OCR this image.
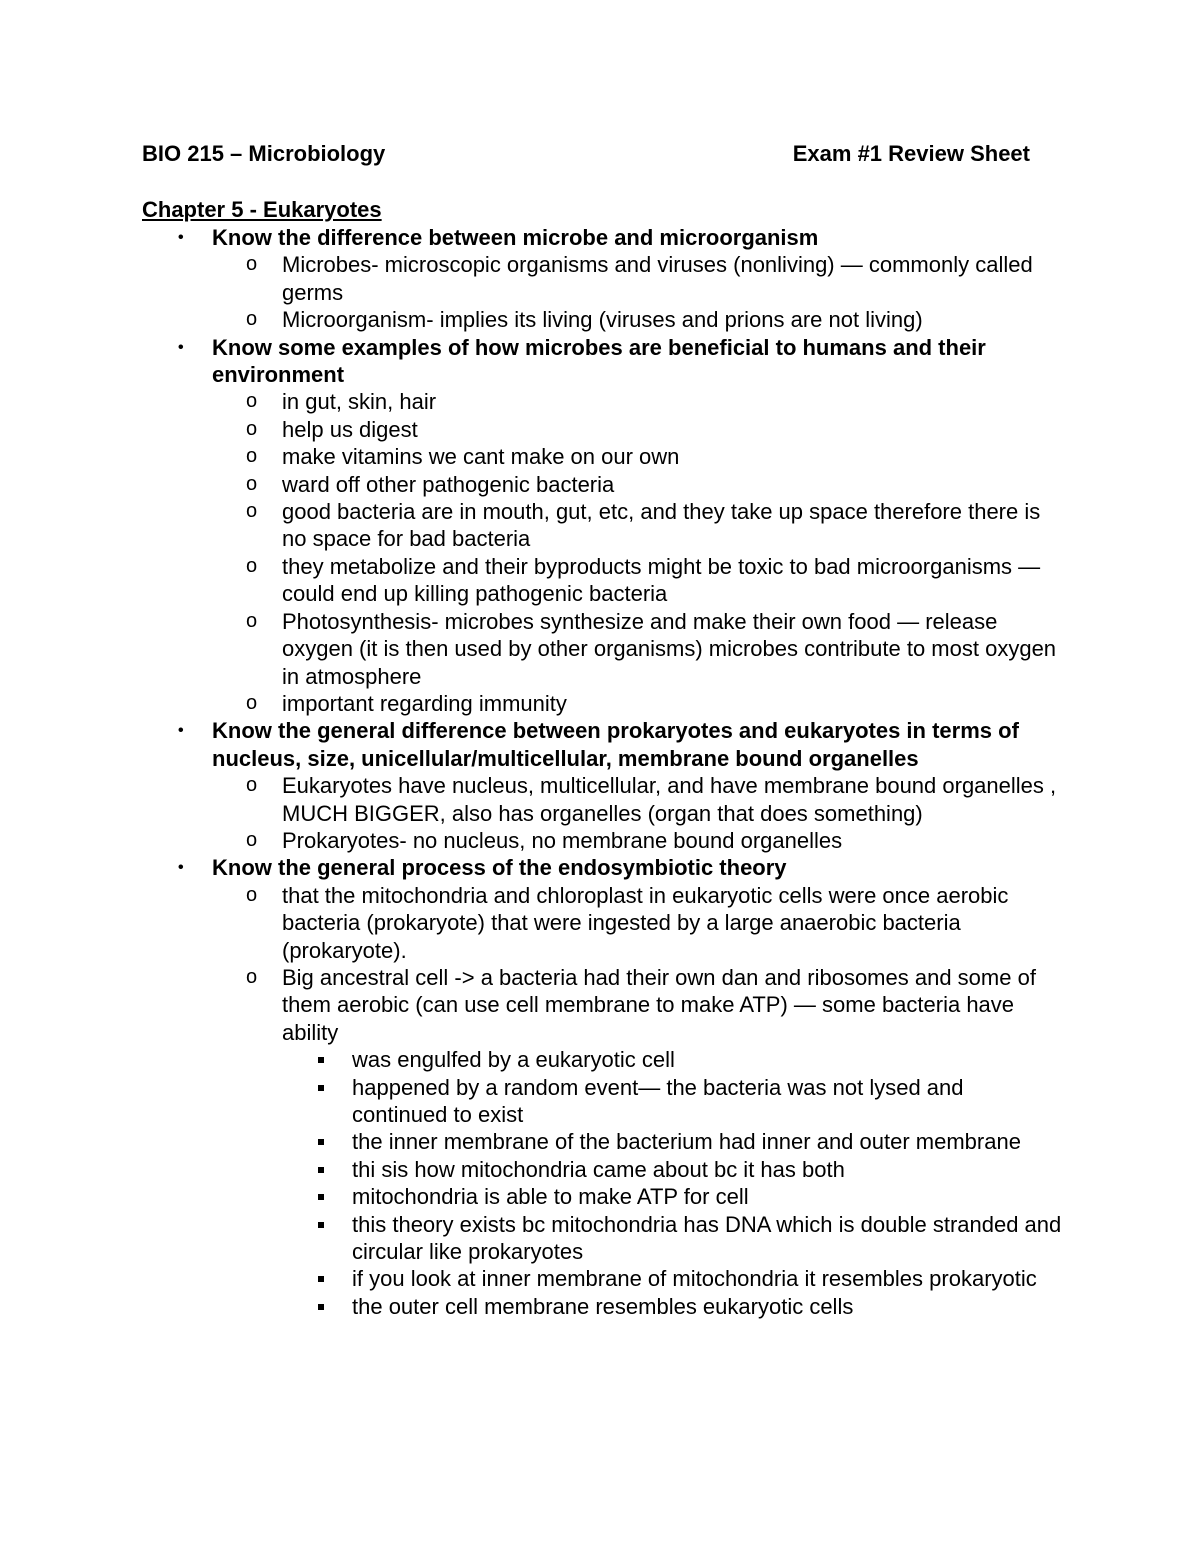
BIO 215 – Microbiology	Exam #1 Review Sheet
Chapter 5 - Eukaryotes
• Know the difference between microbe and microorganism
o Microbes- microscopic organisms and viruses (nonliving) — commonly called germs
o Microorganism- implies its living (viruses and prions are not living)
• Know some examples of how microbes are beneficial to humans and their environment
o in gut, skin, hair
o help us digest
o make vitamins we cant make on our own
o ward off other pathogenic bacteria
o good bacteria are in mouth, gut, etc, and they take up space therefore there is no space for bad bacteria
o they metabolize and their byproducts might be toxic to bad microorganisms — could end up killing pathogenic bacteria
o Photosynthesis- microbes synthesize and make their own food — release oxygen (it is then used by other organisms) microbes contribute to most oxygen in atmosphere
o important regarding immunity
• Know the general difference between prokaryotes and eukaryotes in terms of nucleus, size, unicellular/multicellular, membrane bound organelles
o Eukaryotes have nucleus, multicellular, and have membrane bound organelles , MUCH BIGGER, also has organelles (organ that does something)
o Prokaryotes- no nucleus, no membrane bound organelles
• Know the general process of the endosymbiotic theory
o that the mitochondria and chloroplast in eukaryotic cells were once aerobic bacteria (prokaryote) that were ingested by a large anaerobic bacteria (prokaryote).
o Big ancestral cell -> a bacteria had their own dan and ribosomes and some of them aerobic (can use cell membrane to make ATP) — some bacteria have ability
was engulfed by a eukaryotic cell
happened by a random event— the bacteria was not lysed and continued to exist
the inner membrane of the bacterium had inner and outer membrane
thi sis how mitochondria came about bc it has both
mitochondria is able to make ATP for cell
this theory exists bc mitochondria has DNA which is double stranded and circular like prokaryotes
if you look at inner membrane of mitochondria it resembles prokaryotic
the outer cell membrane resembles eukaryotic cells
